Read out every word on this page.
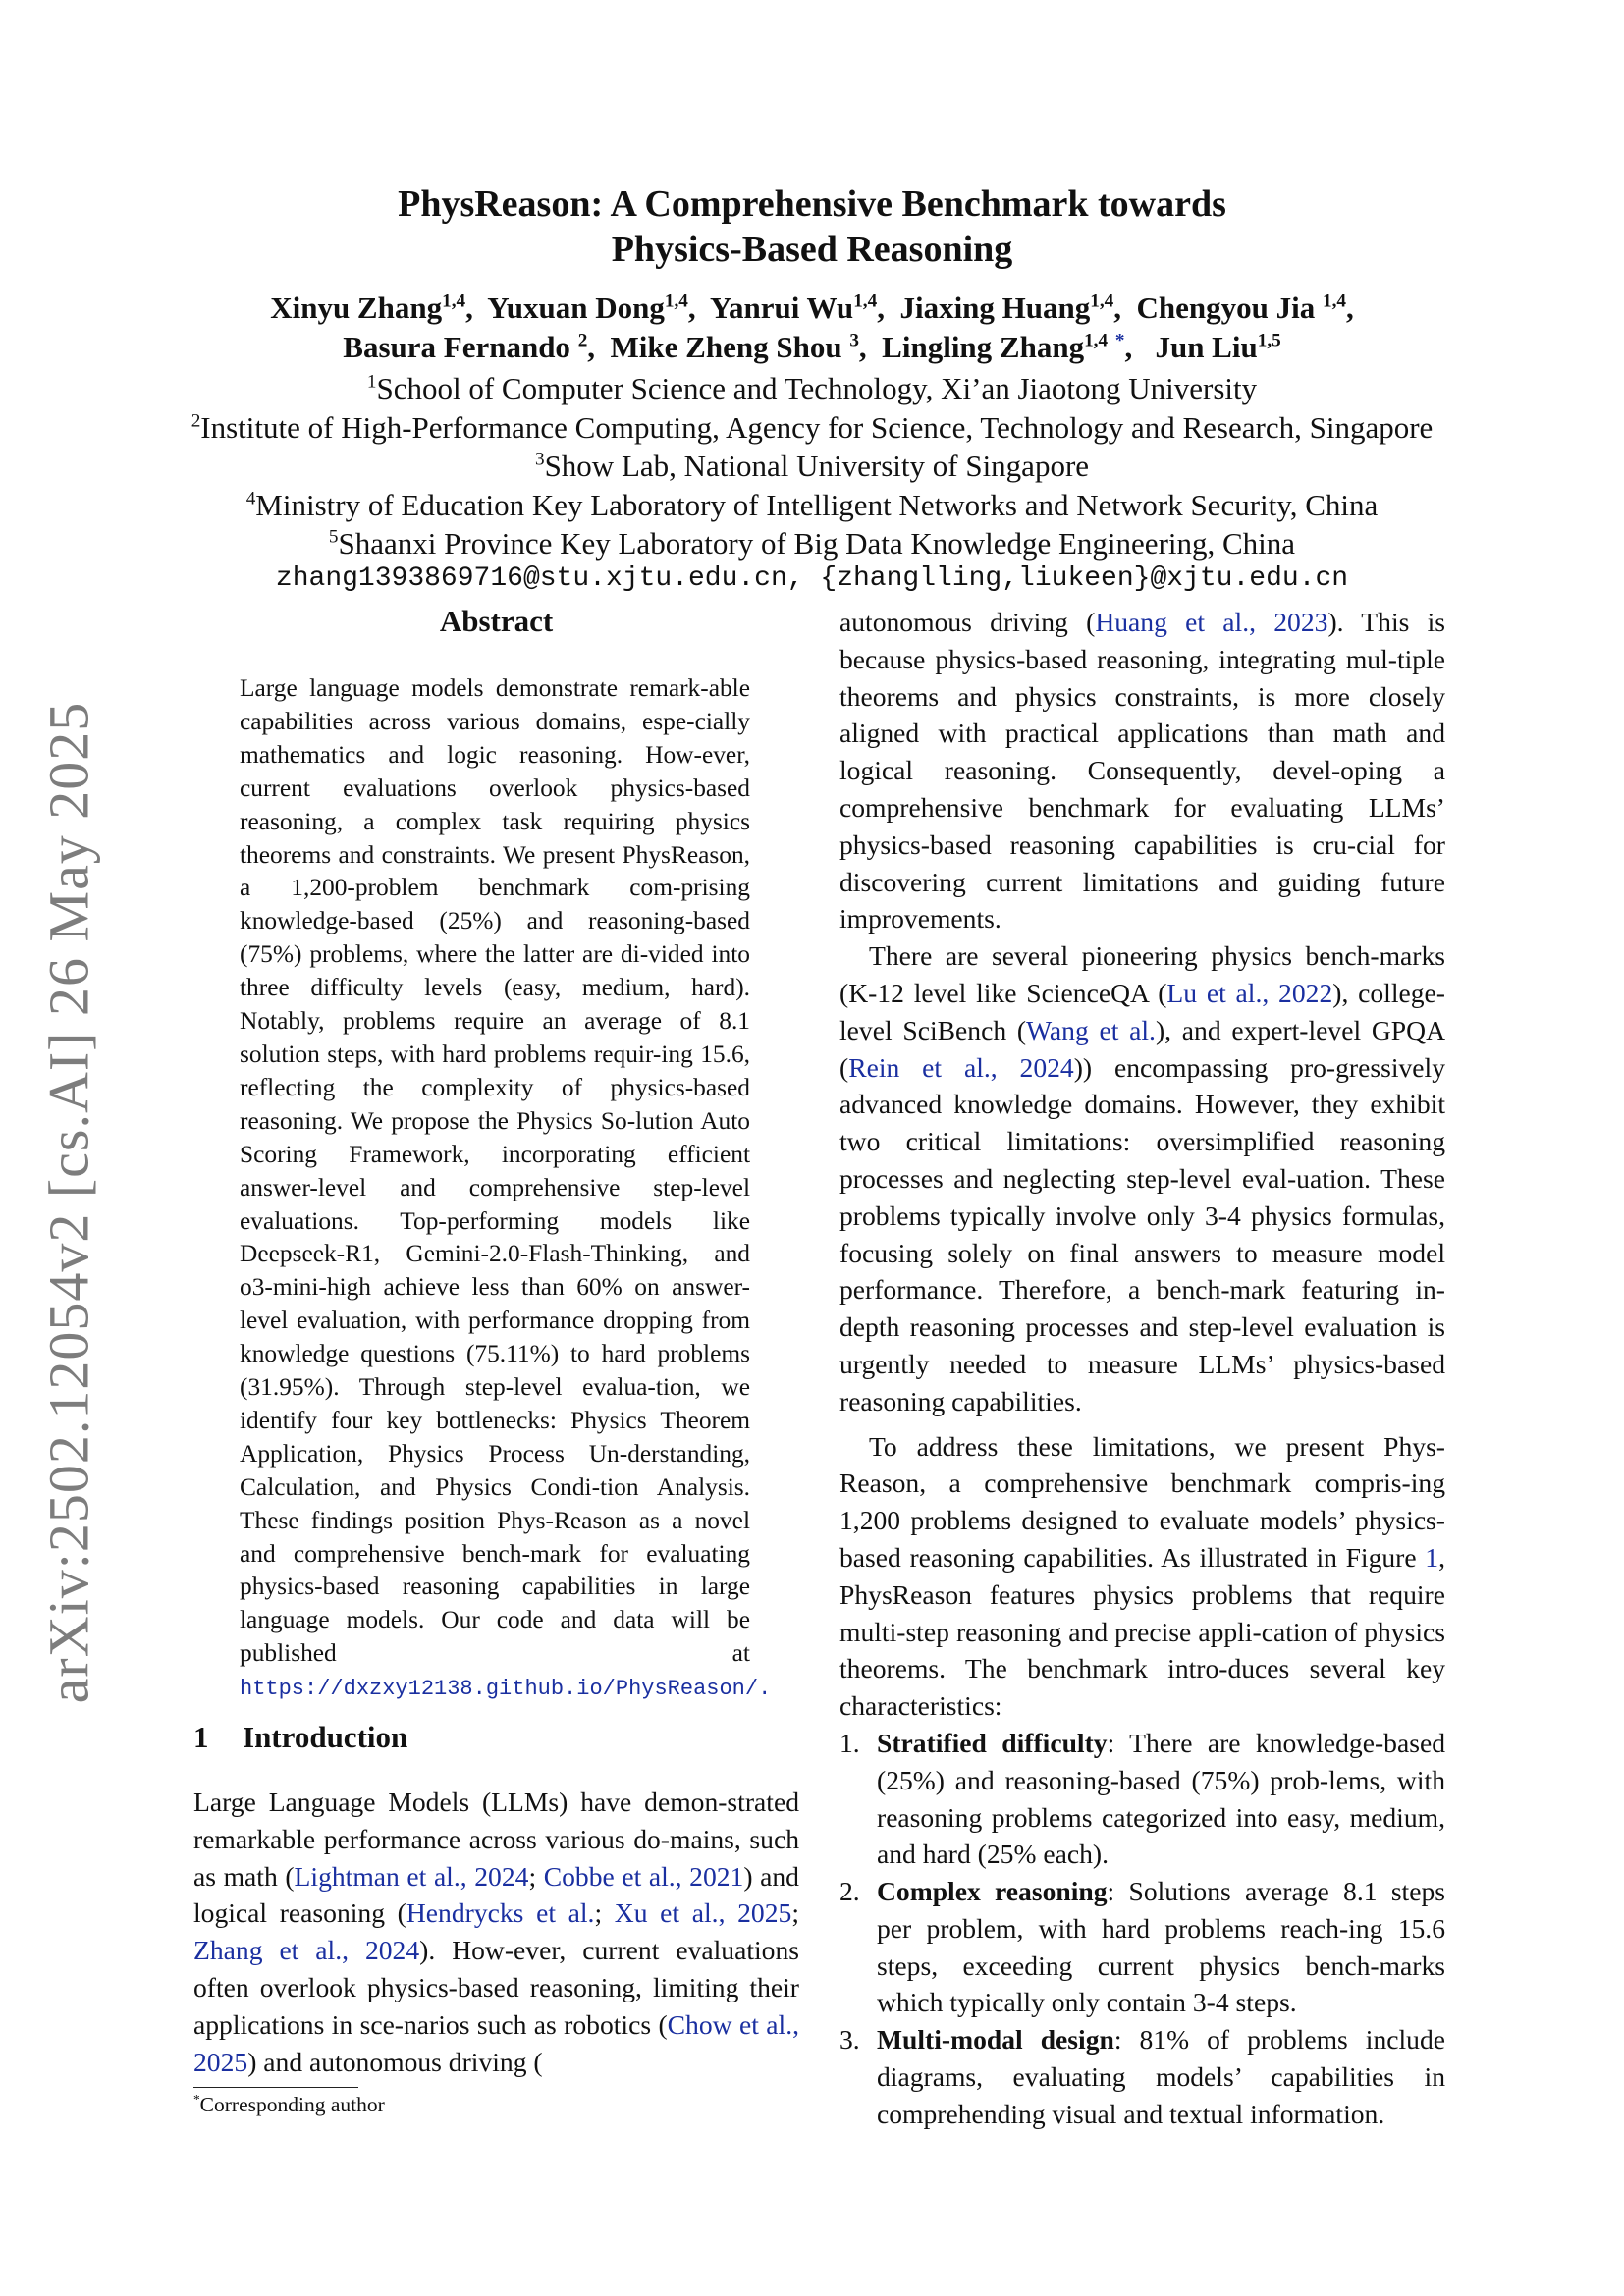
arXiv:2502.12054v2 [cs.AI] 26 May 2025
PhysReason: A Comprehensive Benchmark towards
Physics-Based Reasoning
Xinyu Zhang$^{1,4}$,  Yuxuan Dong$^{1,4}$,  Yanrui Wu$^{1,4}$,  Jiaxing Huang$^{1,4}$,  Chengyou Jia $^{1,4}$,
Basura Fernando $^2$,  Mike Zheng Shou $^3$,  Lingling Zhang$^{1,4}$ *,   Jun Liu$^{1,5}$
$^1$School of Computer Science and Technology, Xi’an Jiaotong University
$^2$Institute of High-Performance Computing, Agency for Science, Technology and Research, Singapore
$^3$Show Lab, National University of Singapore
$^4$Ministry of Education Key Laboratory of Intelligent Networks and Network Security, China
$^5$Shaanxi Province Key Laboratory of Big Data Knowledge Engineering, China
zhang1393869716@stu.xjtu.edu.cn, {zhanglling,liukeen}@xjtu.edu.cn
Abstract
Large language models demonstrate remark-able capabilities across various domains, espe-cially mathematics and logic reasoning. How-ever, current evaluations overlook physics-based reasoning, a complex task requiring physics theorems and constraints. We present PhysReason, a 1,200-problem benchmark com-prising knowledge-based (25%) and reasoning-based (75%) problems, where the latter are di-vided into three difficulty levels (easy, medium, hard). Notably, problems require an average of 8.1 solution steps, with hard problems requir-ing 15.6, reflecting the complexity of physics-based reasoning. We propose the Physics So-lution Auto Scoring Framework, incorporating efficient answer-level and comprehensive step-level evaluations. Top-performing models like Deepseek-R1, Gemini-2.0-Flash-Thinking, and o3-mini-high achieve less than 60% on answer-level evaluation, with performance dropping from knowledge questions (75.11%) to hard problems (31.95%). Through step-level evalua-tion, we identify four key bottlenecks: Physics Theorem Application, Physics Process Un-derstanding, Calculation, and Physics Condi-tion Analysis. These findings position Phys-Reason as a novel and comprehensive bench-mark for evaluating physics-based reasoning capabilities in large language models. Our code and data will be published at https://dxzxy12138.github.io/PhysReason/.
1 Introduction

Large Language Models (LLMs) have demon-strated remarkable performance across various do-mains, such as math (Lightman et al., 2024; Cobbe et al., 2021) and logical reasoning (Hendrycks et al.; Xu et al., 2025; Zhang et al., 2024). How-ever, current evaluations often overlook physics-based reasoning, limiting their applications in sce-narios such as robotics (Chow et al., 2025) and autonomous driving (

autonomous driving (Huang et al., 2023). This is because physics-based reasoning, integrating mul-tiple theorems and physics constraints, is more closely aligned with practical applications than math and logical reasoning. Consequently, devel-oping a comprehensive benchmark for evaluating LLMs’ physics-based reasoning capabilities is cru-cial for discovering current limitations and guiding future improvements.

There are several pioneering physics bench-marks (K-12 level like ScienceQA (Lu et al., 2022), college-level SciBench (Wang et al.), and expert-level GPQA (Rein et al., 2024)) encompassing pro-gressively advanced knowledge domains. However, they exhibit two critical limitations: oversimplified reasoning processes and neglecting step-level eval-uation. These problems typically involve only 3-4 physics formulas, focusing solely on final answers to measure model performance. Therefore, a bench-mark featuring in-depth reasoning processes and step-level evaluation is urgently needed to measure LLMs’ physics-based reasoning capabilities.

To address these limitations, we present Phys-Reason, a comprehensive benchmark compris-ing 1,200 problems designed to evaluate models’ physics-based reasoning capabilities. As illustrated in Figure 1, PhysReason features physics problems that require multi-step reasoning and precise appli-cation of physics theorems. The benchmark intro-duces several key characteristics:

1. Stratified difficulty: There are knowledge-based (25%) and reasoning-based (75%) prob-lems, with reasoning problems categorized into easy, medium, and hard (25% each).
2. Complex reasoning: Solutions average 8.1 steps per problem, with hard problems reach-ing 15.6 steps, exceeding current physics bench-marks which typically only contain 3-4 steps.
3. Multi-modal design: 81% of problems include diagrams, evaluating models’ capabilities in comprehending visual and textual information.
*Corresponding author
